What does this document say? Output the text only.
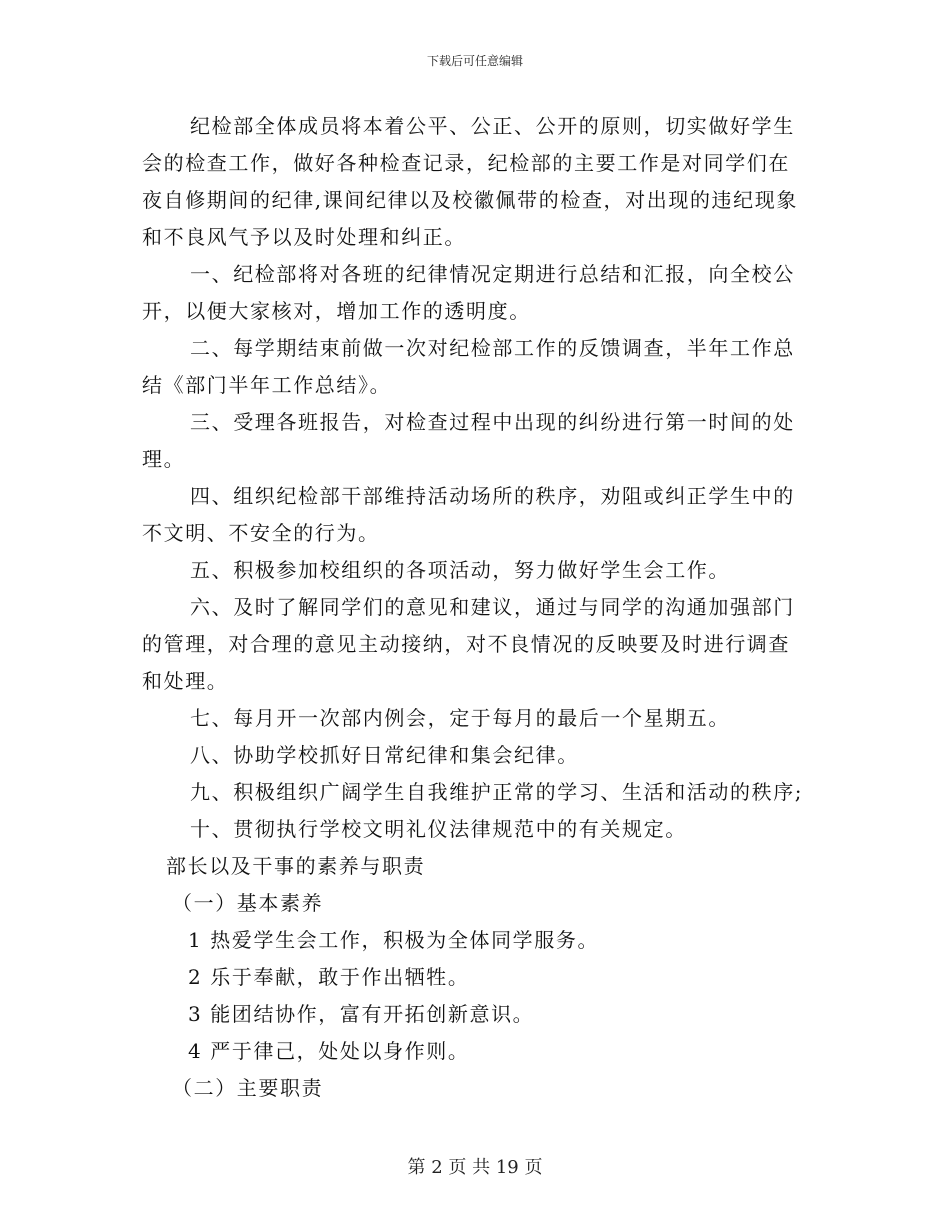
下载后可任意编辑

纪检部全体成员将本着公平、公正、公开的原则，切实做好学生会的检查工作，做好各种检查记录，纪检部的主要工作是对同学们在夜自修期间的纪律,课间纪律以及校徽佩带的检查，对出现的违纪现象和不良风气予以及时处理和纠正。

一、纪检部将对各班的纪律情况定期进行总结和汇报，向全校公开，以便大家核对，增加工作的透明度。

二、每学期结束前做一次对纪检部工作的反馈调查，半年工作总结《部门半年工作总结》。

三、受理各班报告，对检查过程中出现的纠纷进行第一时间的处理。

四、组织纪检部干部维持活动场所的秩序，劝阻或纠正学生中的不文明、不安全的行为。

五、积极参加校组织的各项活动，努力做好学生会工作。

六、及时了解同学们的意见和建议，通过与同学的沟通加强部门的管理，对合理的意见主动接纳，对不良情况的反映要及时进行调查和处理。

七、每月开一次部内例会，定于每月的最后一个星期五。

八、协助学校抓好日常纪律和集会纪律。

九、积极组织广阔学生自我维护正常的学习、生活和活动的秩序;

十、贯彻执行学校文明礼仪法律规范中的有关规定。

部长以及干事的素养与职责

（一）基本素养

1 热爱学生会工作，积极为全体同学服务。

2 乐于奉献，敢于作出牺牲。

3 能团结协作，富有开拓创新意识。

4 严于律己，处处以身作则。

（二）主要职责

第 2 页 共 19 页
